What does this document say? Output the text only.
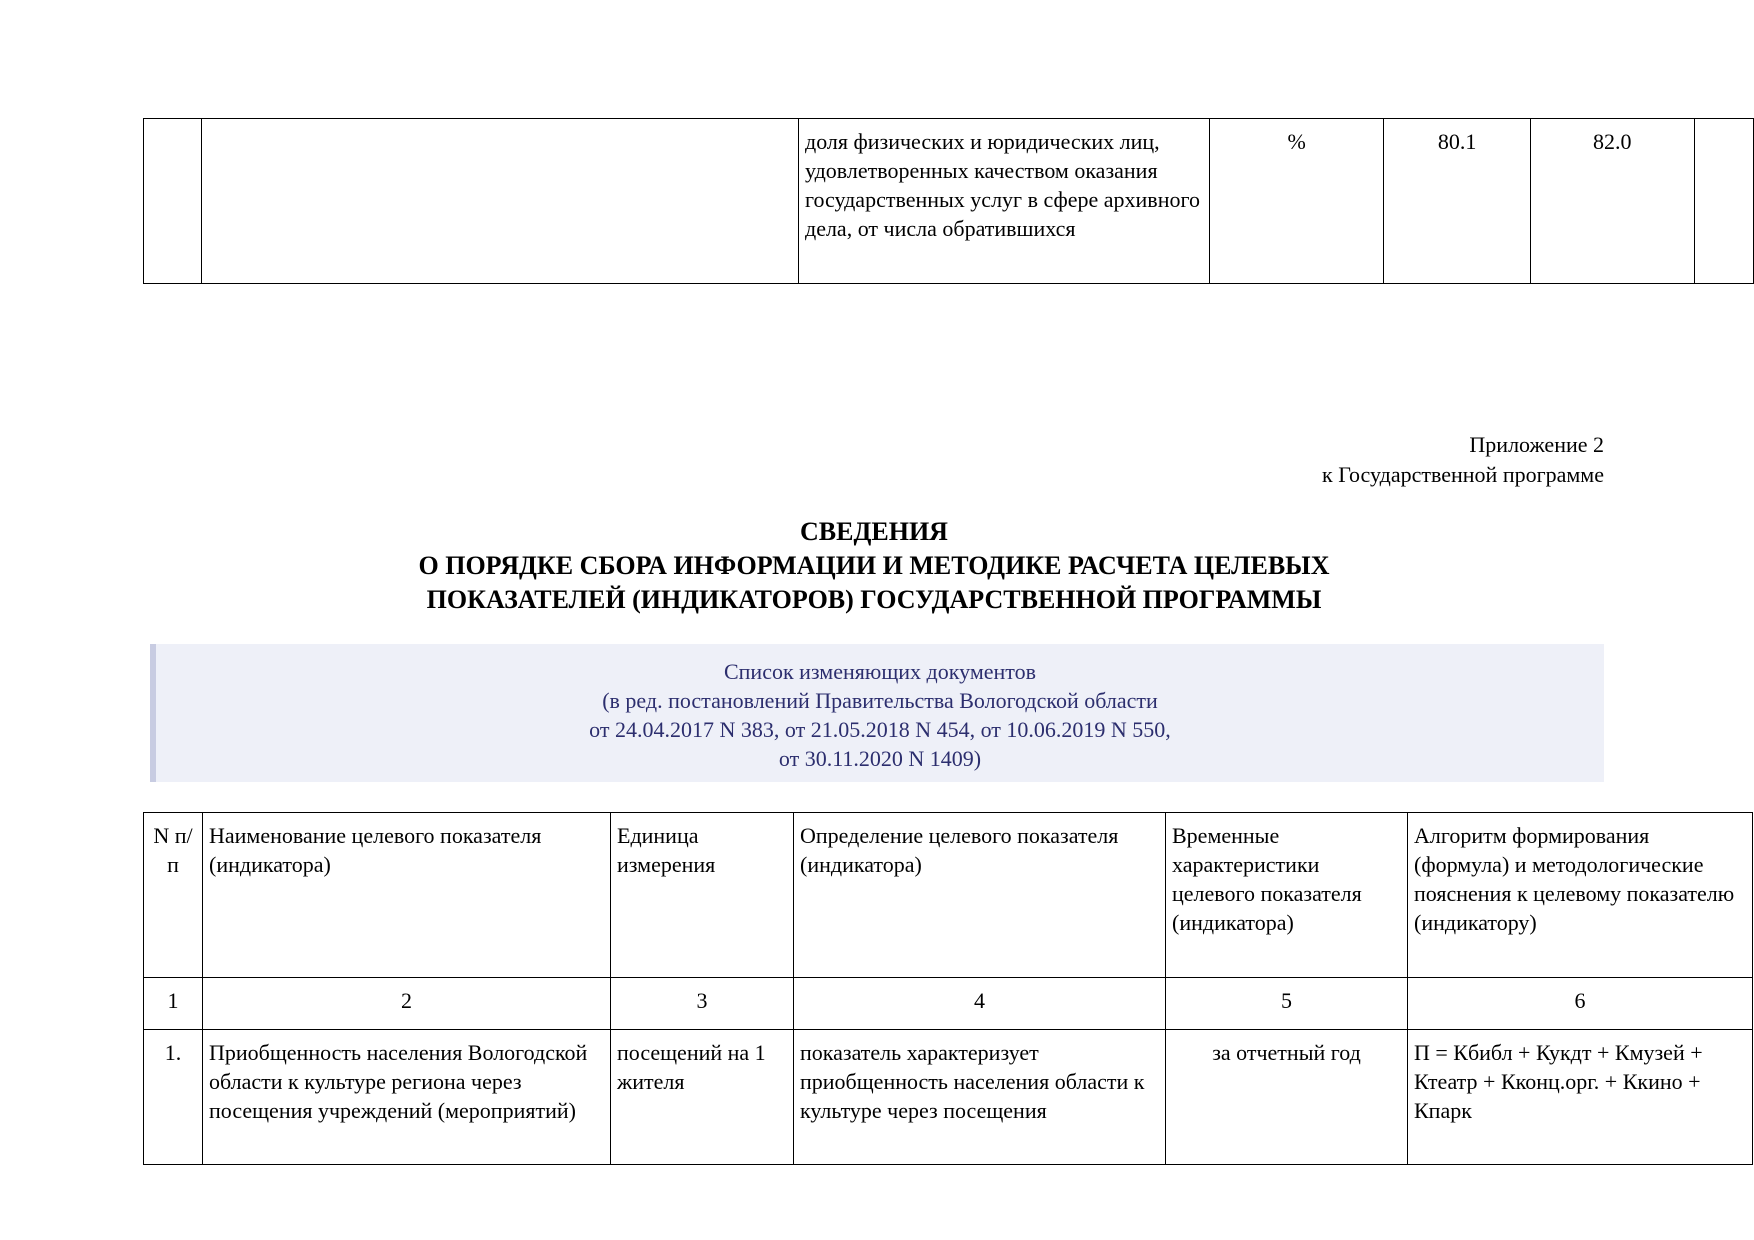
		доля физических и юридических лиц, удовлетворенных качеством оказания государственных услуг в сфере архивного дела, от числа обратившихся	%	80.1	82.0	
Приложение 2
к Государственной программе
СВЕДЕНИЯ
О ПОРЯДКЕ СБОРА ИНФОРМАЦИИ И МЕТОДИКЕ РАСЧЕТА ЦЕЛЕВЫХ
ПОКАЗАТЕЛЕЙ (ИНДИКАТОРОВ) ГОСУДАРСТВЕННОЙ ПРОГРАММЫ
Список изменяющих документов
(в ред. постановлений Правительства Вологодской области
от 24.04.2017 N 383, от 21.05.2018 N 454, от 10.06.2019 N 550,
от 30.11.2020 N 1409)
N п/п	Наименование целевого показателя (индикатора)	Единица измерения	Определение целевого показателя (индикатора)	Временные характеристики целевого показателя (индикатора)	Алгоритм формирования (формула) и методологические пояснения к целевому показателю (индикатору)
1	2	3	4	5	6
1.	Приобщенность населения Вологодской области к культуре региона через посещения учреждений (мероприятий)	посещений на 1 жителя	показатель характеризует приобщенность населения области к культуре через посещения	за отчетный год	П = Кбибл + Кукдт + Кмузей + Ктеатр + Кконц.орг. + Ккино + Кпарк
